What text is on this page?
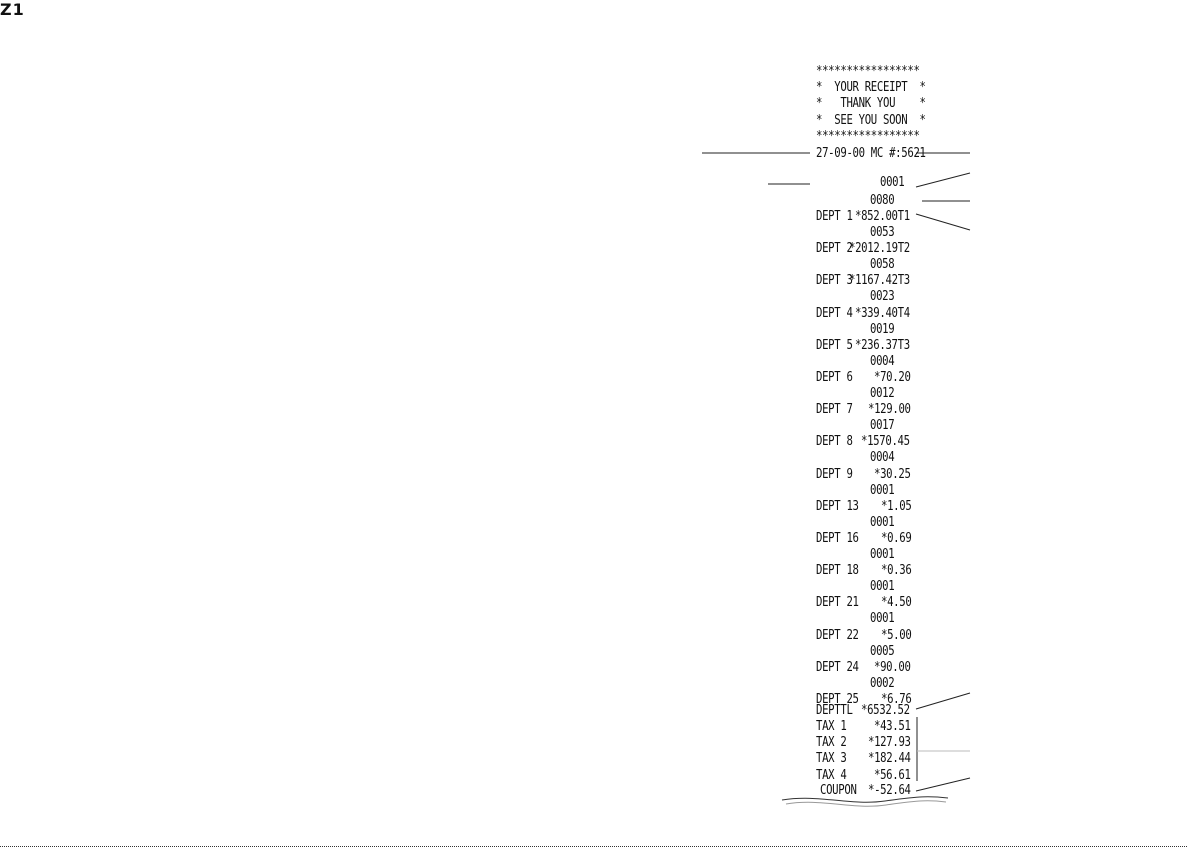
*****************
*  YOUR RECEIPT  *
*   THANK YOU    *
*  SEE YOU SOON  *
*****************
27-09-00 MC #:5621
Z1
0001
0080
DEPT 1 *852.00T1
0053
DEPT 2
*2012.19T2
0058
DEPT 3
*1167.42T3
0023
DEPT 4 *339.40T4
0019
DEPT 5 *236.37T3
0004
DEPT 6 *70.20
0012
DEPT 7 *129.00
0017
DEPT 8 *1570.45
0004
DEPT 9 *30.25
0001
DEPT 13 *1.05
0001
DEPT 16 *0.69
0001
DEPT 18 *0.36
0001
DEPT 21 *4.50
0001
DEPT 22 *5.00
0005
DEPT 24 *90.00
0002
DEPT 25 *6.76
DEPTTL *6532.52
TAX 1 *43.51
TAX 2 *127.93
TAX 3 *182.44
TAX 4 *56.61
COUPON *-52.64
